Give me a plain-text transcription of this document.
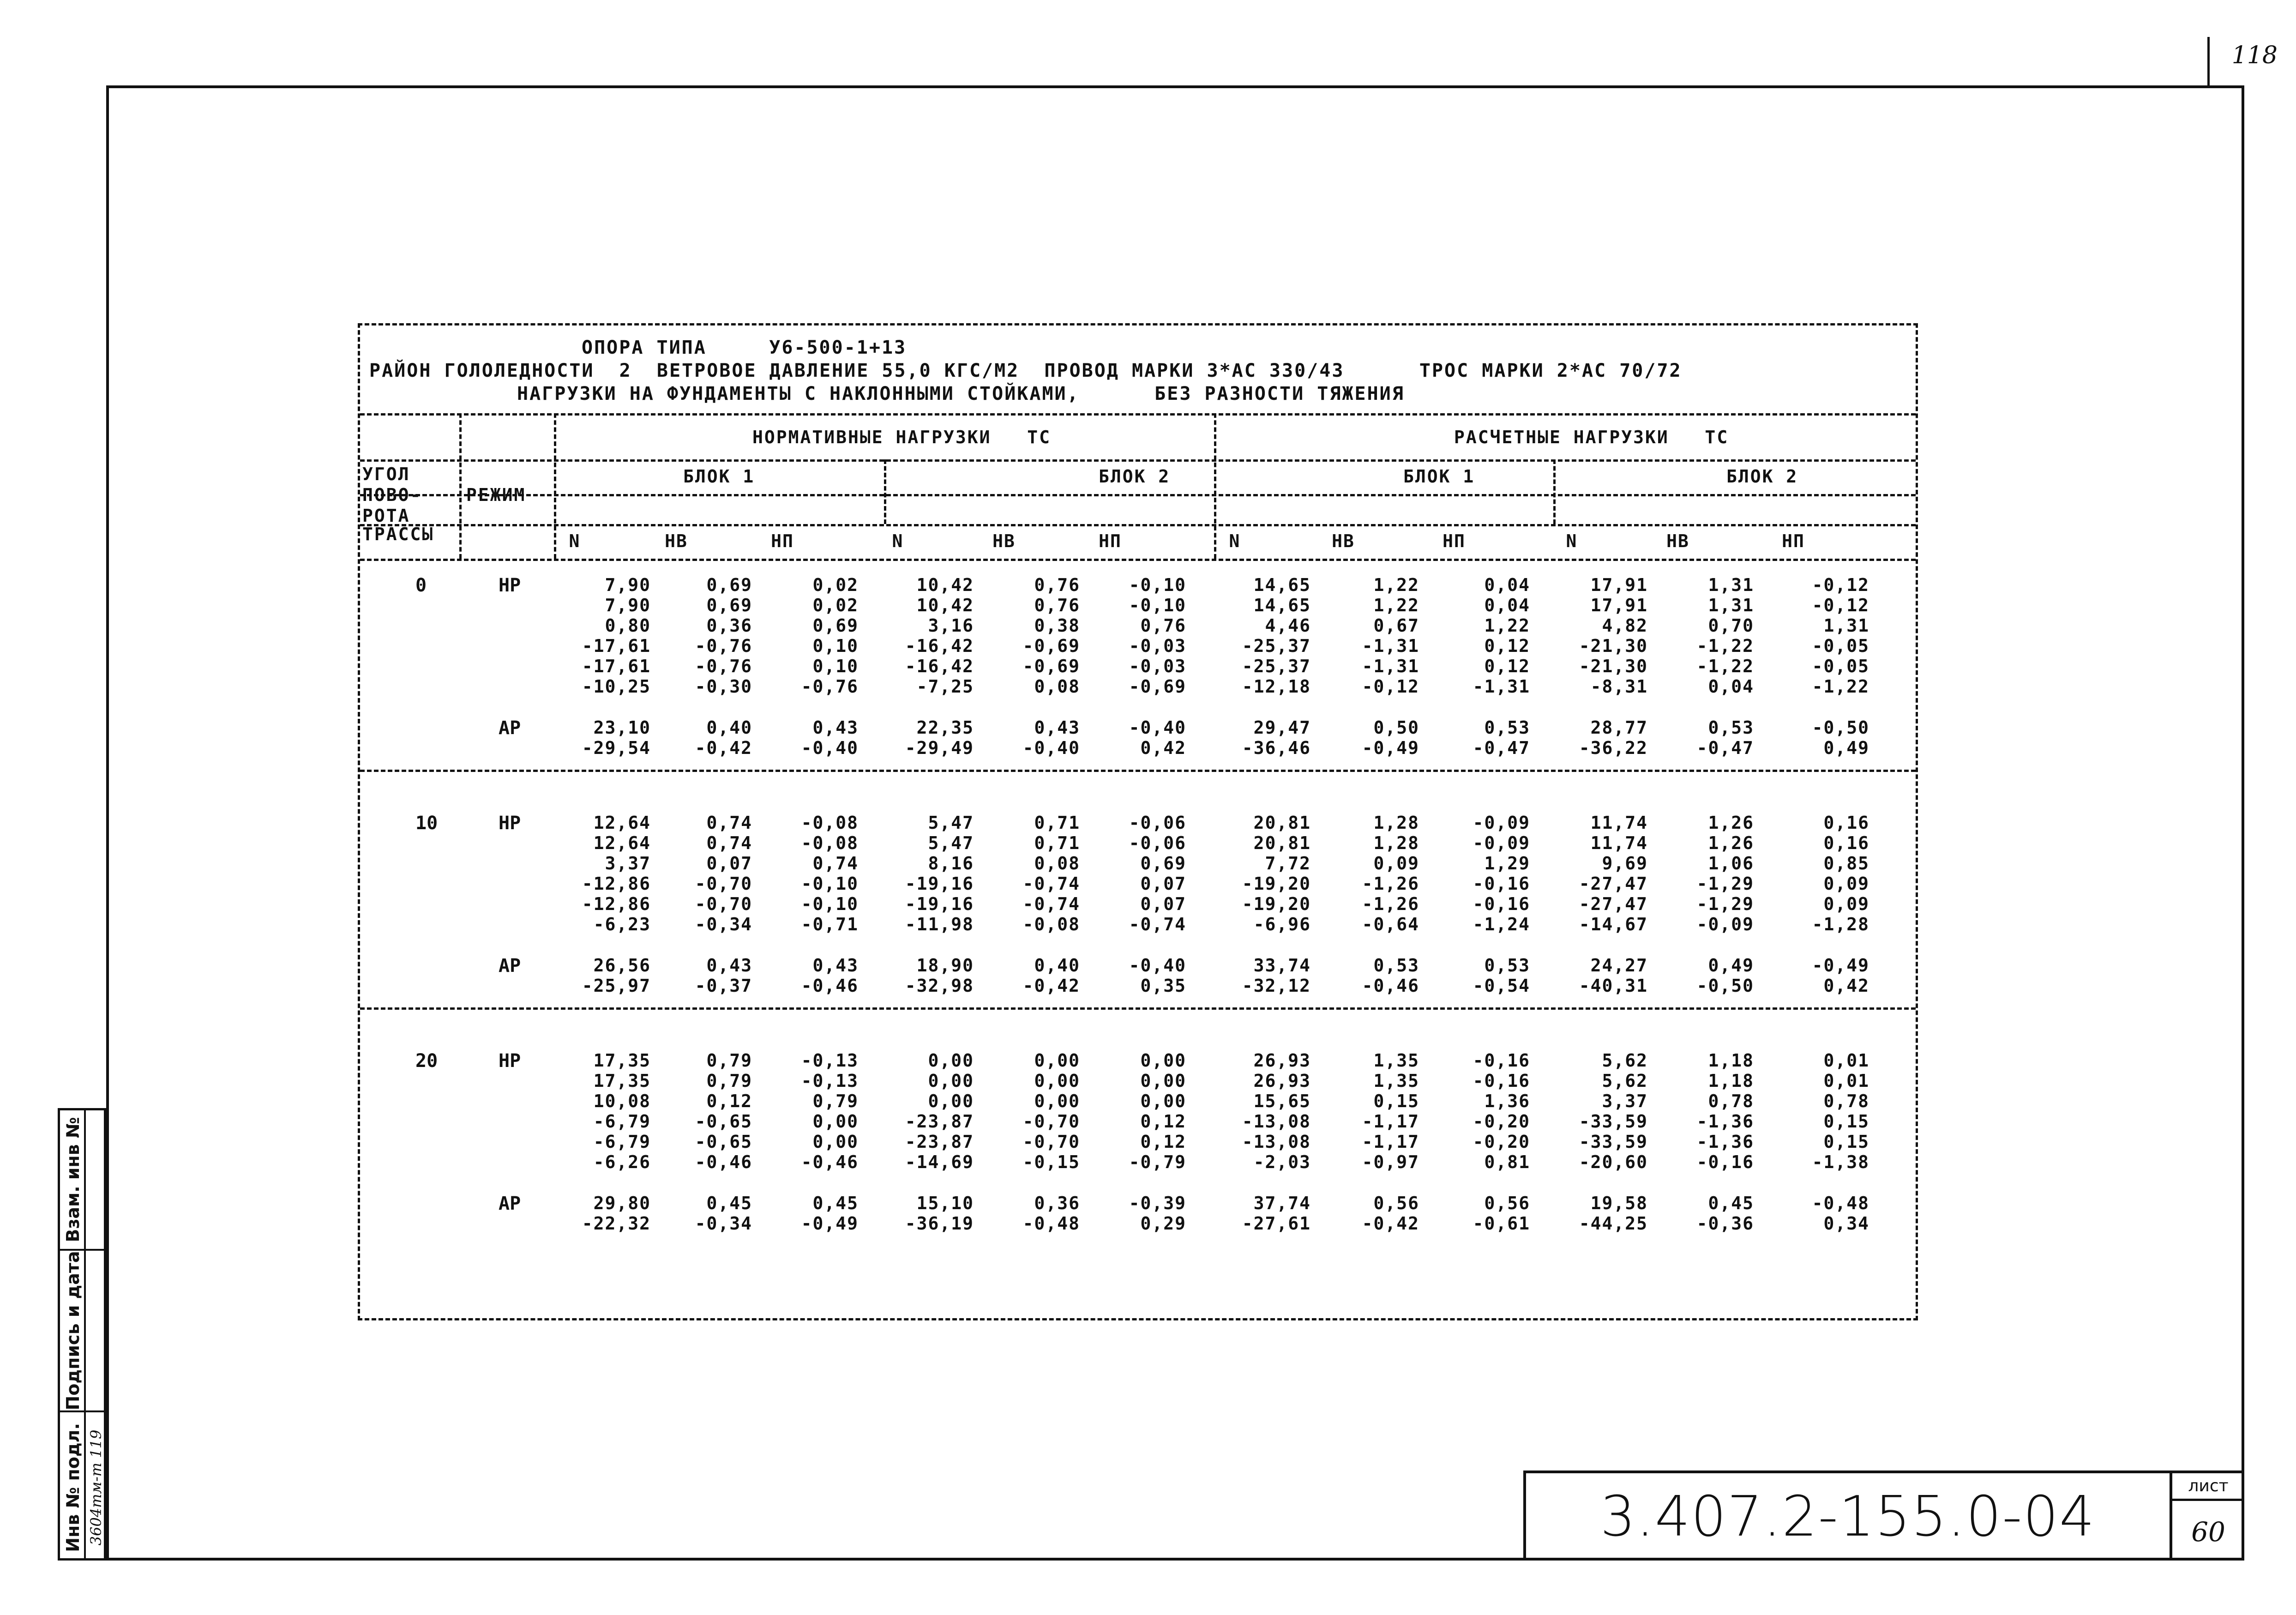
118
Взам. инв №
Подпись и дата
Инв № подл. 3604тм-т 119	3.407.2-155.0-04	лист
60
ОПОРА ТИПА     У6-500-1+13
РАЙОН ГОЛОЛЕДНОСТИ  2  ВЕТРОВОЕ ДАВЛЕНИЕ 55,0 КГС/М2  ПРОВОД МАРКИ 3*АС 330/43      ТРОС МАРКИ 2*АС 70/72
НАГРУЗКИ НА ФУНДАМЕНТЫ С НАКЛОННЫМИ СТОЙКАМИ,      БЕЗ РАЗНОСТИ ТЯЖЕНИЯ
УГОЛ
ПОВО-
РОТА
ТРАССЫ
РЕЖИМ
НОРМАТИВНЫЕ НАГРУЗКИ   ТС	РАСЧЕТНЫЕ НАГРУЗКИ   ТС
БЛОК 1	БЛОК 2	БЛОК 1	БЛОК 2
N	НВ	НП	N	НВ	НП	N	НВ	НП	N	НВ	НП
0	НР	7,90	0,69	0,02	10,42	0,76	-0,10	14,65	1,22	0,04	17,91	1,31	-0,12
7,90	0,69	0,02	10,42	0,76	-0,10	14,65	1,22	0,04	17,91	1,31	-0,12
0,80	0,36	0,69	3,16	0,38	0,76	4,46	0,67	1,22	4,82	0,70	1,31
-17,61	-0,76	0,10	-16,42	-0,69	-0,03	-25,37	-1,31	0,12	-21,30	-1,22	-0,05
-17,61	-0,76	0,10	-16,42	-0,69	-0,03	-25,37	-1,31	0,12	-21,30	-1,22	-0,05
-10,25	-0,30	-0,76	-7,25	0,08	-0,69	-12,18	-0,12	-1,31	-8,31	0,04	-1,22
АР	23,10	0,40	0,43	22,35	0,43	-0,40	29,47	0,50	0,53	28,77	0,53	-0,50
-29,54	-0,42	-0,40	-29,49	-0,40	0,42	-36,46	-0,49	-0,47	-36,22	-0,47	0,49
10	НР	12,64	0,74	-0,08	5,47	0,71	-0,06	20,81	1,28	-0,09	11,74	1,26	0,16
12,64	0,74	-0,08	5,47	0,71	-0,06	20,81	1,28	-0,09	11,74	1,26	0,16
3,37	0,07	0,74	8,16	0,08	0,69	7,72	0,09	1,29	9,69	1,06	0,85
-12,86	-0,70	-0,10	-19,16	-0,74	0,07	-19,20	-1,26	-0,16	-27,47	-1,29	0,09
-12,86	-0,70	-0,10	-19,16	-0,74	0,07	-19,20	-1,26	-0,16	-27,47	-1,29	0,09
-6,23	-0,34	-0,71	-11,98	-0,08	-0,74	-6,96	-0,64	-1,24	-14,67	-0,09	-1,28
АР	26,56	0,43	0,43	18,90	0,40	-0,40	33,74	0,53	0,53	24,27	0,49	-0,49
-25,97	-0,37	-0,46	-32,98	-0,42	0,35	-32,12	-0,46	-0,54	-40,31	-0,50	0,42
20	НР	17,35	0,79	-0,13	0,00	0,00	0,00	26,93	1,35	-0,16	5,62	1,18	0,01
17,35	0,79	-0,13	0,00	0,00	0,00	26,93	1,35	-0,16	5,62	1,18	0,01
10,08	0,12	0,79	0,00	0,00	0,00	15,65	0,15	1,36	3,37	0,78	0,78
-6,79	-0,65	0,00	-23,87	-0,70	0,12	-13,08	-1,17	-0,20	-33,59	-1,36	0,15
-6,79	-0,65	0,00	-23,87	-0,70	0,12	-13,08	-1,17	-0,20	-33,59	-1,36	0,15
-6,26	-0,46	-0,46	-14,69	-0,15	-0,79	-2,03	-0,97	0,81	-20,60	-0,16	-1,38
АР	29,80	0,45	0,45	15,10	0,36	-0,39	37,74	0,56	0,56	19,58	0,45	-0,48
-22,32	-0,34	-0,49	-36,19	-0,48	0,29	-27,61	-0,42	-0,61	-44,25	-0,36	0,34
